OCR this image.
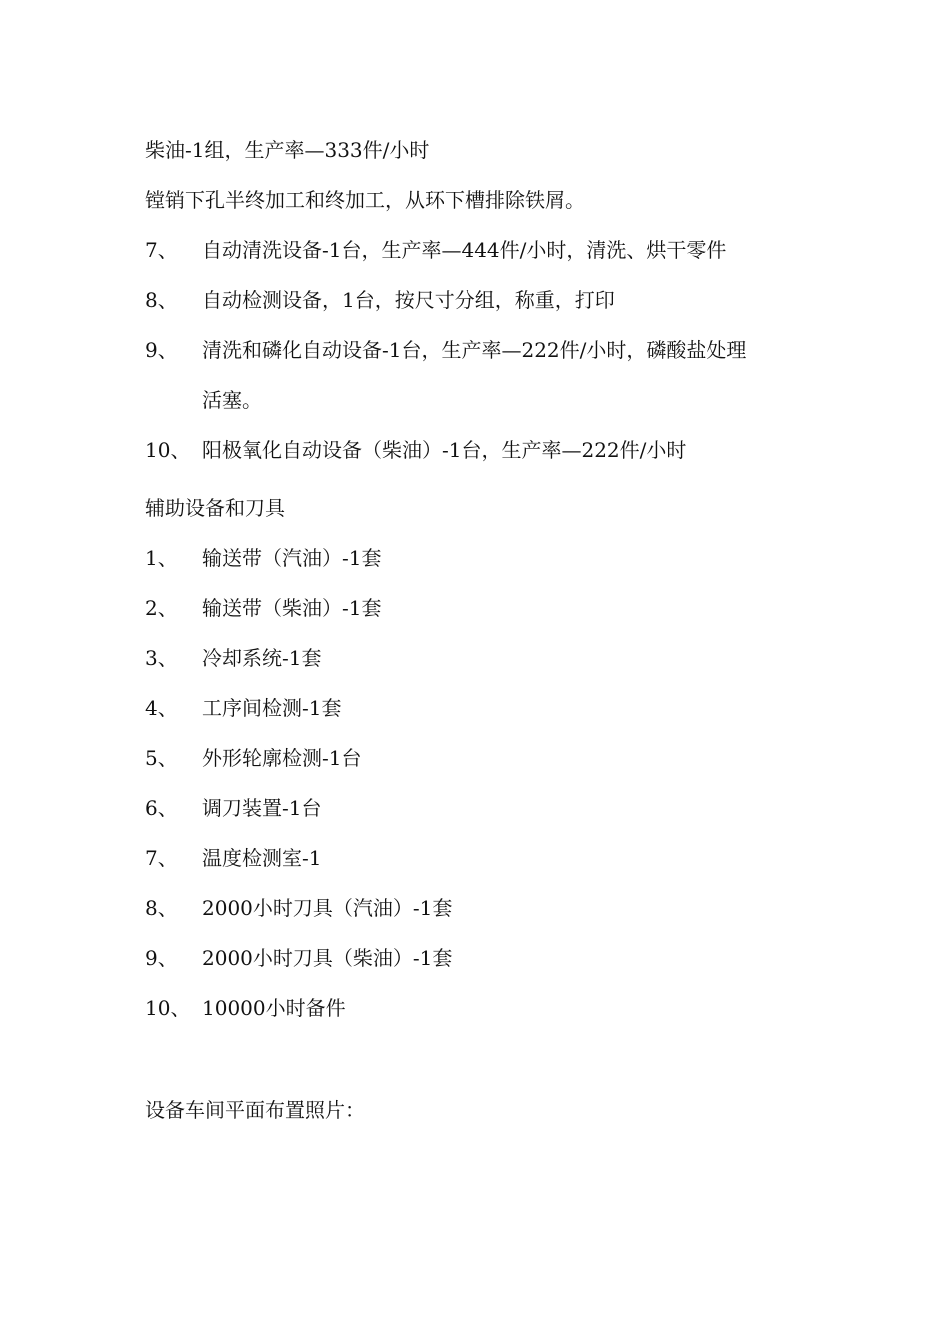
柴油-1组，生产率—333件/小时
镗销下孔半终加工和终加工，从环下槽排除铁屑。
7、 自动清洗设备-1台，生产率—444件/小时，清洗、烘干零件
8、 自动检测设备，1台，按尺寸分组，称重，打印
9、 清洗和磷化自动设备-1台，生产率—222件/小时，磷酸盐处理
活塞。
10、 阳极氧化自动设备（柴油）-1台，生产率—222件/小时
辅助设备和刀具
1、 输送带（汽油）-1套
2、 输送带（柴油）-1套
3、 冷却系统-1套
4、 工序间检测-1套
5、 外形轮廓检测-1台
6、 调刀装置-1台
7、 温度检测室-1
8、 2000小时刀具（汽油）-1套
9、 2000小时刀具（柴油）-1套
10、 10000小时备件
设备车间平面布置照片：
